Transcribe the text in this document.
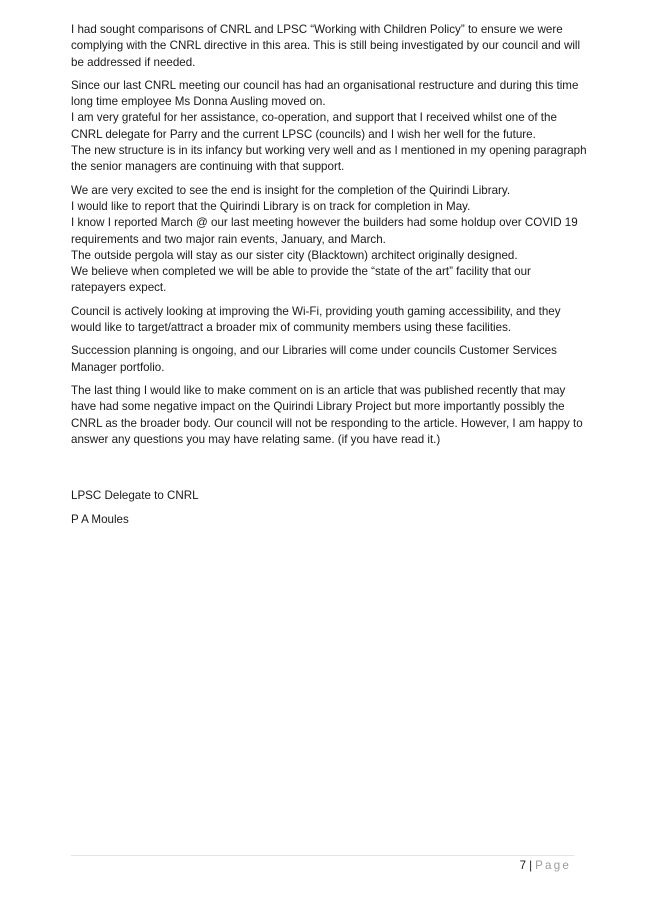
I had sought comparisons of CNRL and LPSC “Working with Children Policy” to ensure we were
complying with the CNRL directive in this area. This is still being investigated by our council and will
be addressed if needed.

Since our last CNRL meeting our council has had an organisational restructure and during this time
long time employee Ms Donna Ausling moved on.
I am very grateful for her assistance, co-operation, and support that I received whilst one of the
CNRL delegate for Parry and the current LPSC (councils) and I wish her well for the future.
The new structure is in its infancy but working very well and as I mentioned in my opening paragraph
the senior managers are continuing with that support.

We are very excited to see the end is insight for the completion of the Quirindi Library.
I would like to report that the Quirindi Library is on track for completion in May.
I know I reported March @ our last meeting however the builders had some holdup over COVID 19
requirements and two major rain events, January, and March.
The outside pergola will stay as our sister city (Blacktown) architect originally designed.
We believe when completed we will be able to provide the “state of the art” facility that our
ratepayers expect.

Council is actively looking at improving the Wi-Fi, providing youth gaming accessibility, and they
would like to target/attract a broader mix of community members using these facilities.

Succession planning is ongoing, and our Libraries will come under councils Customer Services
Manager portfolio.

The last thing I would like to make comment on is an article that was published recently that may
have had some negative impact on the Quirindi Library Project but more importantly possibly the
CNRL as the broader body. Our council will not be responding to the article. However, I am happy to
answer any questions you may have relating same. (if you have read it.)

LPSC Delegate to CNRL
P A Moules
7 | Page
